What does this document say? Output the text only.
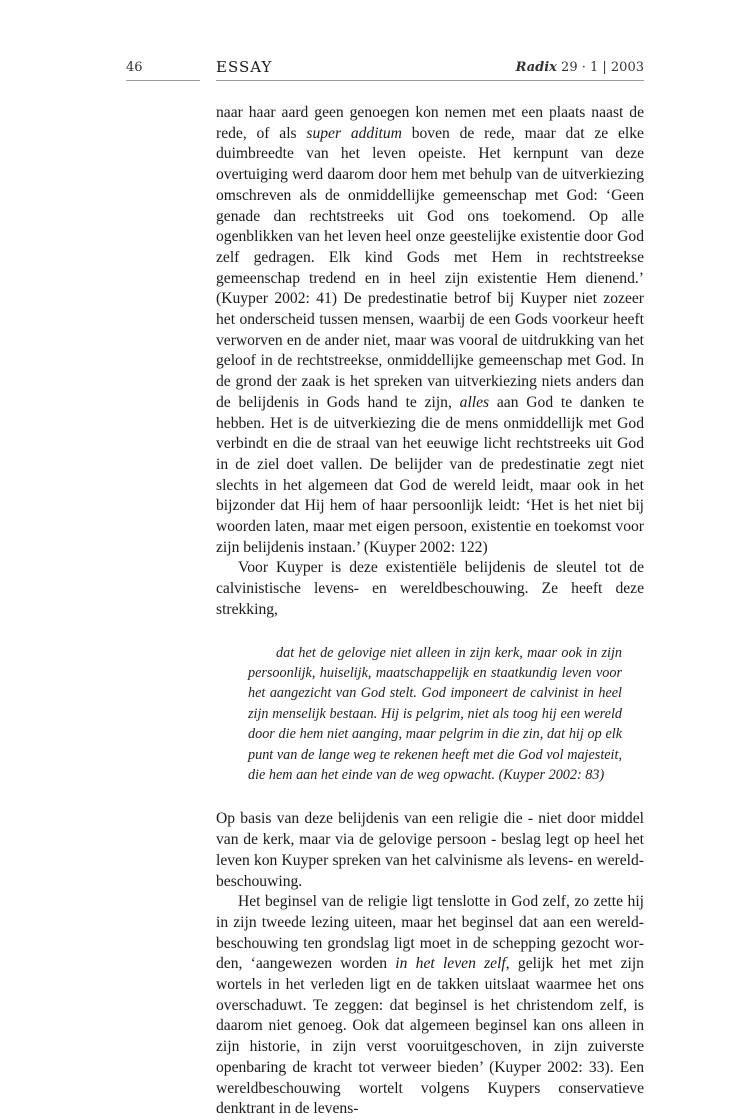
46	ESSAY	Radix 29 · 1 | 2003

naar haar aard geen genoegen kon nemen met een plaats naast de rede, of als super additum boven de rede, maar dat ze elke duimbreedte van het leven opeiste. Het kernpunt van deze overtuiging werd daarom door hem met behulp van de uitverkiezing omschreven als de onmiddellijke gemeenschap met God: ‘Geen genade dan rechtstreeks uit God ons toekomend. Op alle ogenblikken van het leven heel onze geestelijke existentie door God zelf gedragen. Elk kind Gods met Hem in rechtstreekse gemeenschap tredend en in heel zijn existentie Hem dienend.’ (Kuyper 2002: 41) De predestinatie betrof bij Kuyper niet zozeer het onderscheid tussen mensen, waarbij de een Gods voorkeur heeft verworven en de ander niet, maar was vooral de uitdrukking van het geloof in de rechtstreekse, onmiddellijke gemeenschap met God. In de grond der zaak is het spreken van uitverkiezing niets anders dan de belijdenis in Gods hand te zijn, alles aan God te danken te hebben. Het is de uitverkiezing die de mens onmiddellijk met God verbindt en die de straal van het eeuwige licht rechtstreeks uit God in de ziel doet vallen. De belijder van de predestinatie zegt niet slechts in het algemeen dat God de wereld leidt, maar ook in het bijzonder dat Hij hem of haar persoonlijk leidt: ‘Het is het niet bij woorden laten, maar met eigen persoon, existentie en toekomst voor zijn belijdenis instaan.’ (Kuyper 2002: 122)

Voor Kuyper is deze existentiële belijdenis de sleutel tot de calvinistische levens- en wereldbeschouwing. Ze heeft deze strekking,

dat het de gelovige niet alleen in zijn kerk, maar ook in zijn persoonlijk, huiselijk, maatschappelijk en staatkundig leven voor het aangezicht van God stelt. God imponeert de calvinist in heel zijn menselijk bestaan. Hij is pelgrim, niet als toog hij een wereld door die hem niet aanging, maar pelgrim in die zin, dat hij op elk punt van de lange weg te rekenen heeft met die God vol majesteit, die hem aan het einde van de weg opwacht. (Kuyper 2002: 83)

Op basis van deze belijdenis van een religie die - niet door middel van de kerk, maar via de gelovige persoon - beslag legt op heel het leven kon Kuyper spreken van het calvinisme als levens- en wereldbeschouwing.

Het beginsel van de religie ligt tenslotte in God zelf, zo zette hij in zijn tweede lezing uiteen, maar het beginsel dat aan een wereldbeschouwing ten grondslag ligt moet in de schepping gezocht worden, ‘aangewezen worden in het leven zelf, gelijk het met zijn wortels in het verleden ligt en de takken uitslaat waarmee het ons overschaduwt. Te zeggen: dat beginsel is het christendom zelf, is daarom niet genoeg. Ook dat algemeen beginsel kan ons alleen in zijn historie, in zijn verst vooruitgeschoven, in zijn zuiverste openbaring de kracht tot verweer bieden’ (Kuyper 2002: 33). Een wereldbeschouwing wortelt volgens Kuypers conservatieve denktrant in de levens-
